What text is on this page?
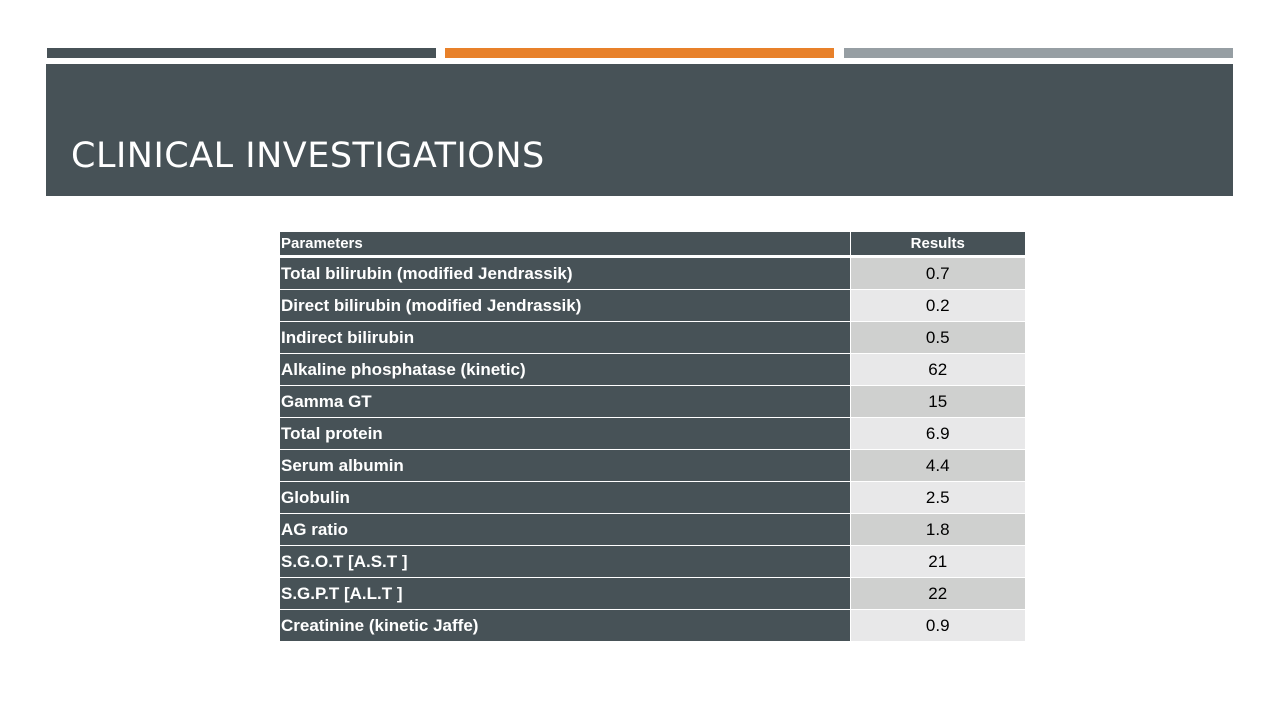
CLINICAL INVESTIGATIONS
Parameters	Results
Total bilirubin (modified Jendrassik)	0.7
Direct bilirubin (modified Jendrassik)	0.2
Indirect bilirubin	0.5
Alkaline phosphatase (kinetic)	62
Gamma GT	15
Total protein	6.9
Serum albumin	4.4
Globulin	2.5
AG ratio	1.8
S.G.O.T [A.S.T ]	21
S.G.P.T [A.L.T ]	22
Creatinine (kinetic Jaffe)	0.9
